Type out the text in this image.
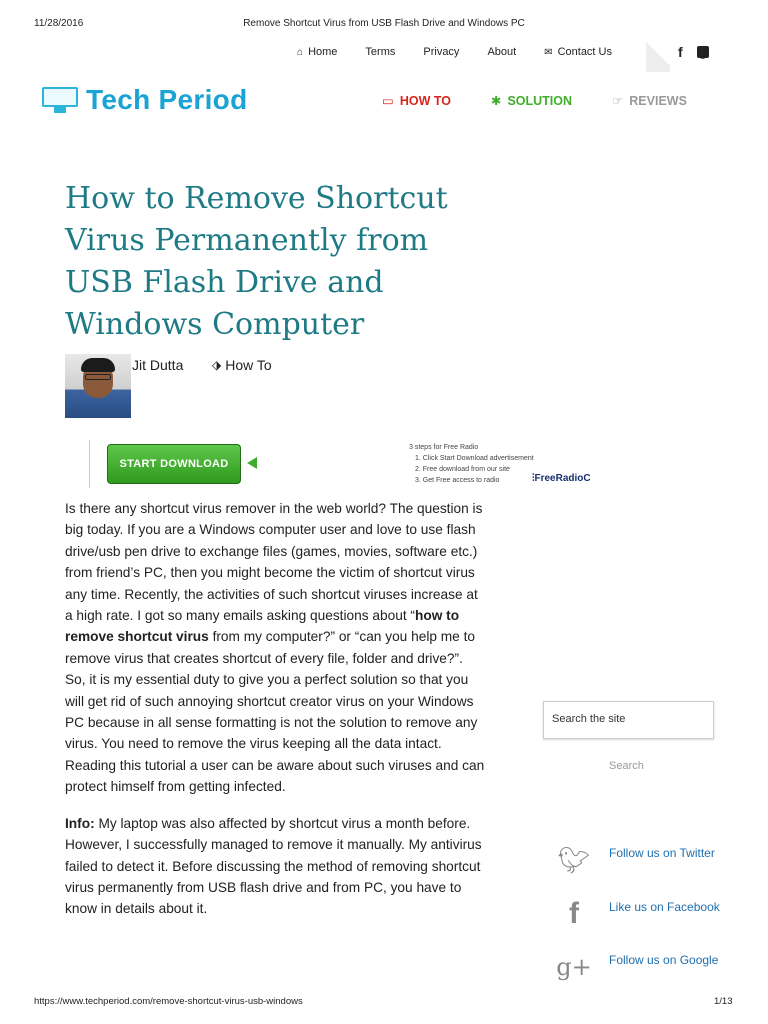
11/28/2016	Remove Shortcut Virus from USB Flash Drive and Windows PC
⌂ Home	Terms	Privacy	About	✉ Contact Us	f ◉
Tech Period	▭ HOW TO	✱ SOLUTION	☞ REVIEWS
How to Remove Shortcut Virus Permanently from USB Flash Drive and Windows Computer
Jit Dutta ⬗ How To
START DOWNLOAD
3 steps for Free Radio
1. Click Start Download advertisement
2. Free download from our site
3. Get Free access to radio	⫶FreeRadioC

Is there any shortcut virus remover in the web world? The question is big today. If you are a Windows computer user and love to use flash drive/usb pen drive to exchange files (games, movies, software etc.) from friend’s PC, then you might become the victim of shortcut virus any time. Recently, the activities of such shortcut viruses increase at a high rate. I got so many emails asking questions about “how to remove shortcut virus from my computer?” or “can you help me to remove virus that creates shortcut of every file, folder and drive?”. So, it is my essential duty to give you a perfect solution so that you will get rid of such annoying shortcut creator virus on your Windows PC because in all sense formatting is not the solution to remove any virus. You need to remove the virus keeping all the data intact. Reading this tutorial a user can be aware about such viruses and can protect himself from getting infected.

Info: My laptop was also affected by shortcut virus a month before. However, I successfully managed to remove it manually. My antivirus failed to detect it. Before discussing the method of removing shortcut virus permanently from USB flash drive and from PC, you have to know in details about it.

Search the site
Search
🐦︎ Follow us on Twitter
f	Like us on Facebook
g+ Follow us on Google
https://www.techperiod.com/remove-shortcut-virus-usb-windows	1/13
